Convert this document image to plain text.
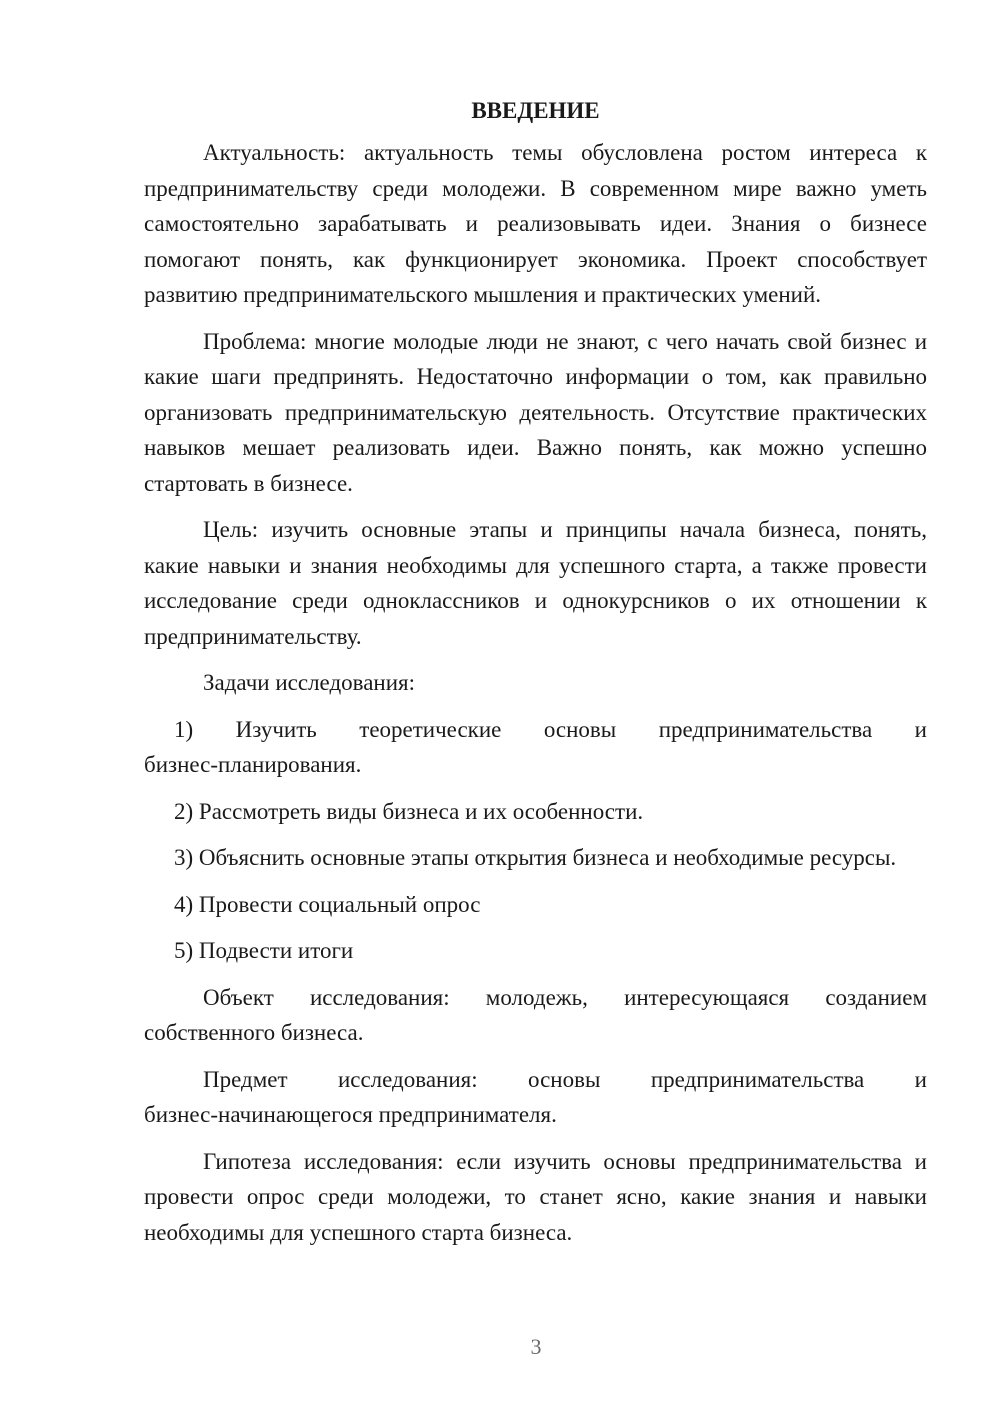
ВВЕДЕНИЕ

Актуальность: актуальность темы обусловлена ростом интереса к предпринимательству среди молодежи. В современном мире важно уметь самостоятельно зарабатывать и реализовывать идеи. Знания о бизнесе помогают понять, как функционирует экономика. Проект способствует развитию предпринимательского мышления и практических умений.

Проблема: многие молодые люди не знают, с чего начать свой бизнес и какие шаги предпринять. Недостаточно информации о том, как правильно организовать предпринимательскую деятельность. Отсутствие практических навыков мешает реализовать идеи. Важно понять, как можно успешно стартовать в бизнесе.

Цель: изучить основные этапы и принципы начала бизнеса, понять, какие навыки и знания необходимы для успешного старта, а также провести исследование среди одноклассников и однокурсников о их отношении к предпринимательству.

Задачи исследования:

1) Изучить теоретические основы предпринимательства и
бизнес-планирования.

2) Рассмотреть виды бизнеса и их особенности.

3) Объяснить основные этапы открытия бизнеса и необходимые ресурсы.

4) Провести социальный опрос

5) Подвести итоги

Объект исследования: молодежь, интересующаяся созданием собственного бизнеса.

Предмет исследования: основы предпринимательства и

бизнес-начинающегося предпринимателя.

Гипотеза исследования: если изучить основы предпринимательства и провести опрос среди молодежи, то станет ясно, какие знания и навыки необходимы для успешного старта бизнеса.

3
